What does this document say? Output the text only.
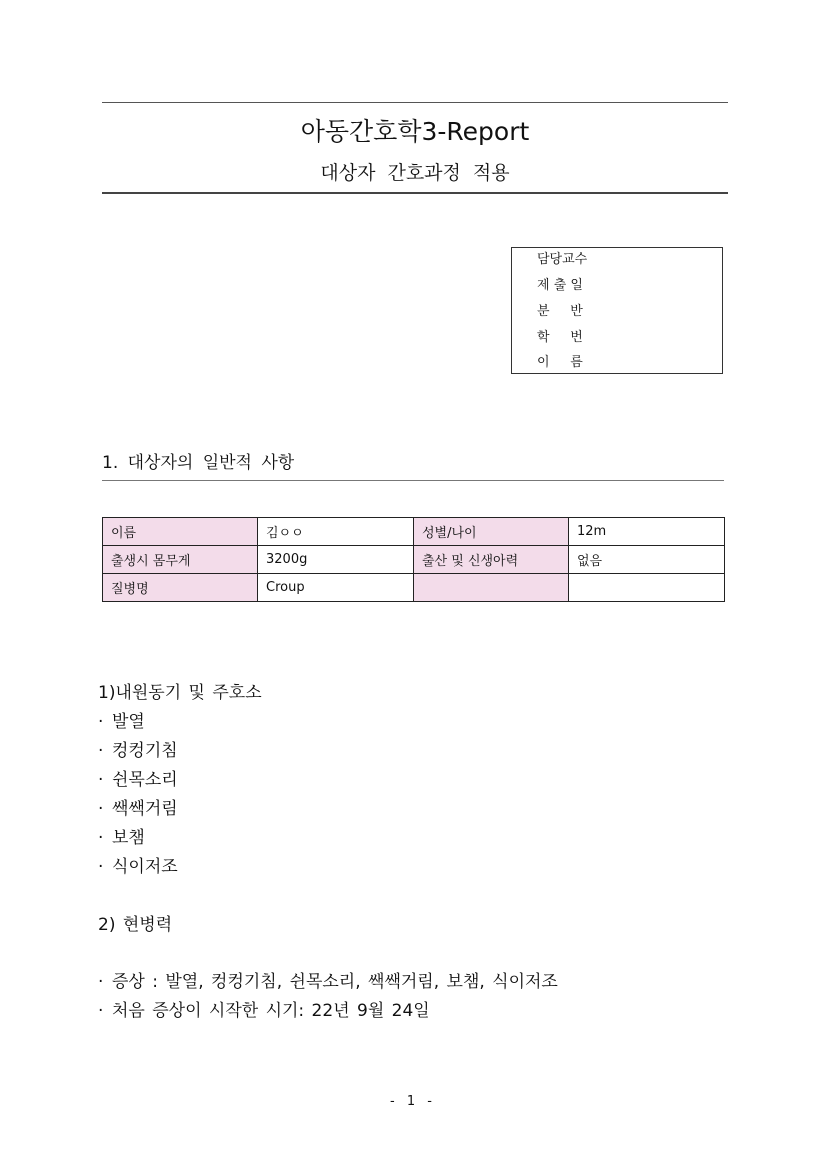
아동간호학3-Report
대상자 간호과정 적용
담당교수
제 출 일
분     반
학     번
이     름
1. 대상자의 일반적 사항
이름	김ㅇㅇ	성별/나이	12m
출생시 몸무게	3200g	출산 및 신생아력	없음
질병명	Croup		
1)내원동기 및 주호소
· 발열
· 컹컹기침
· 쉰목소리
· 쌕쌕거림
· 보챔
· 식이저조
2) 현병력
· 증상 : 발열, 컹컹기침, 쉰목소리, 쌕쌕거림, 보챔, 식이저조
· 처음 증상이 시작한 시기: 22년 9월 24일
- 1 -
